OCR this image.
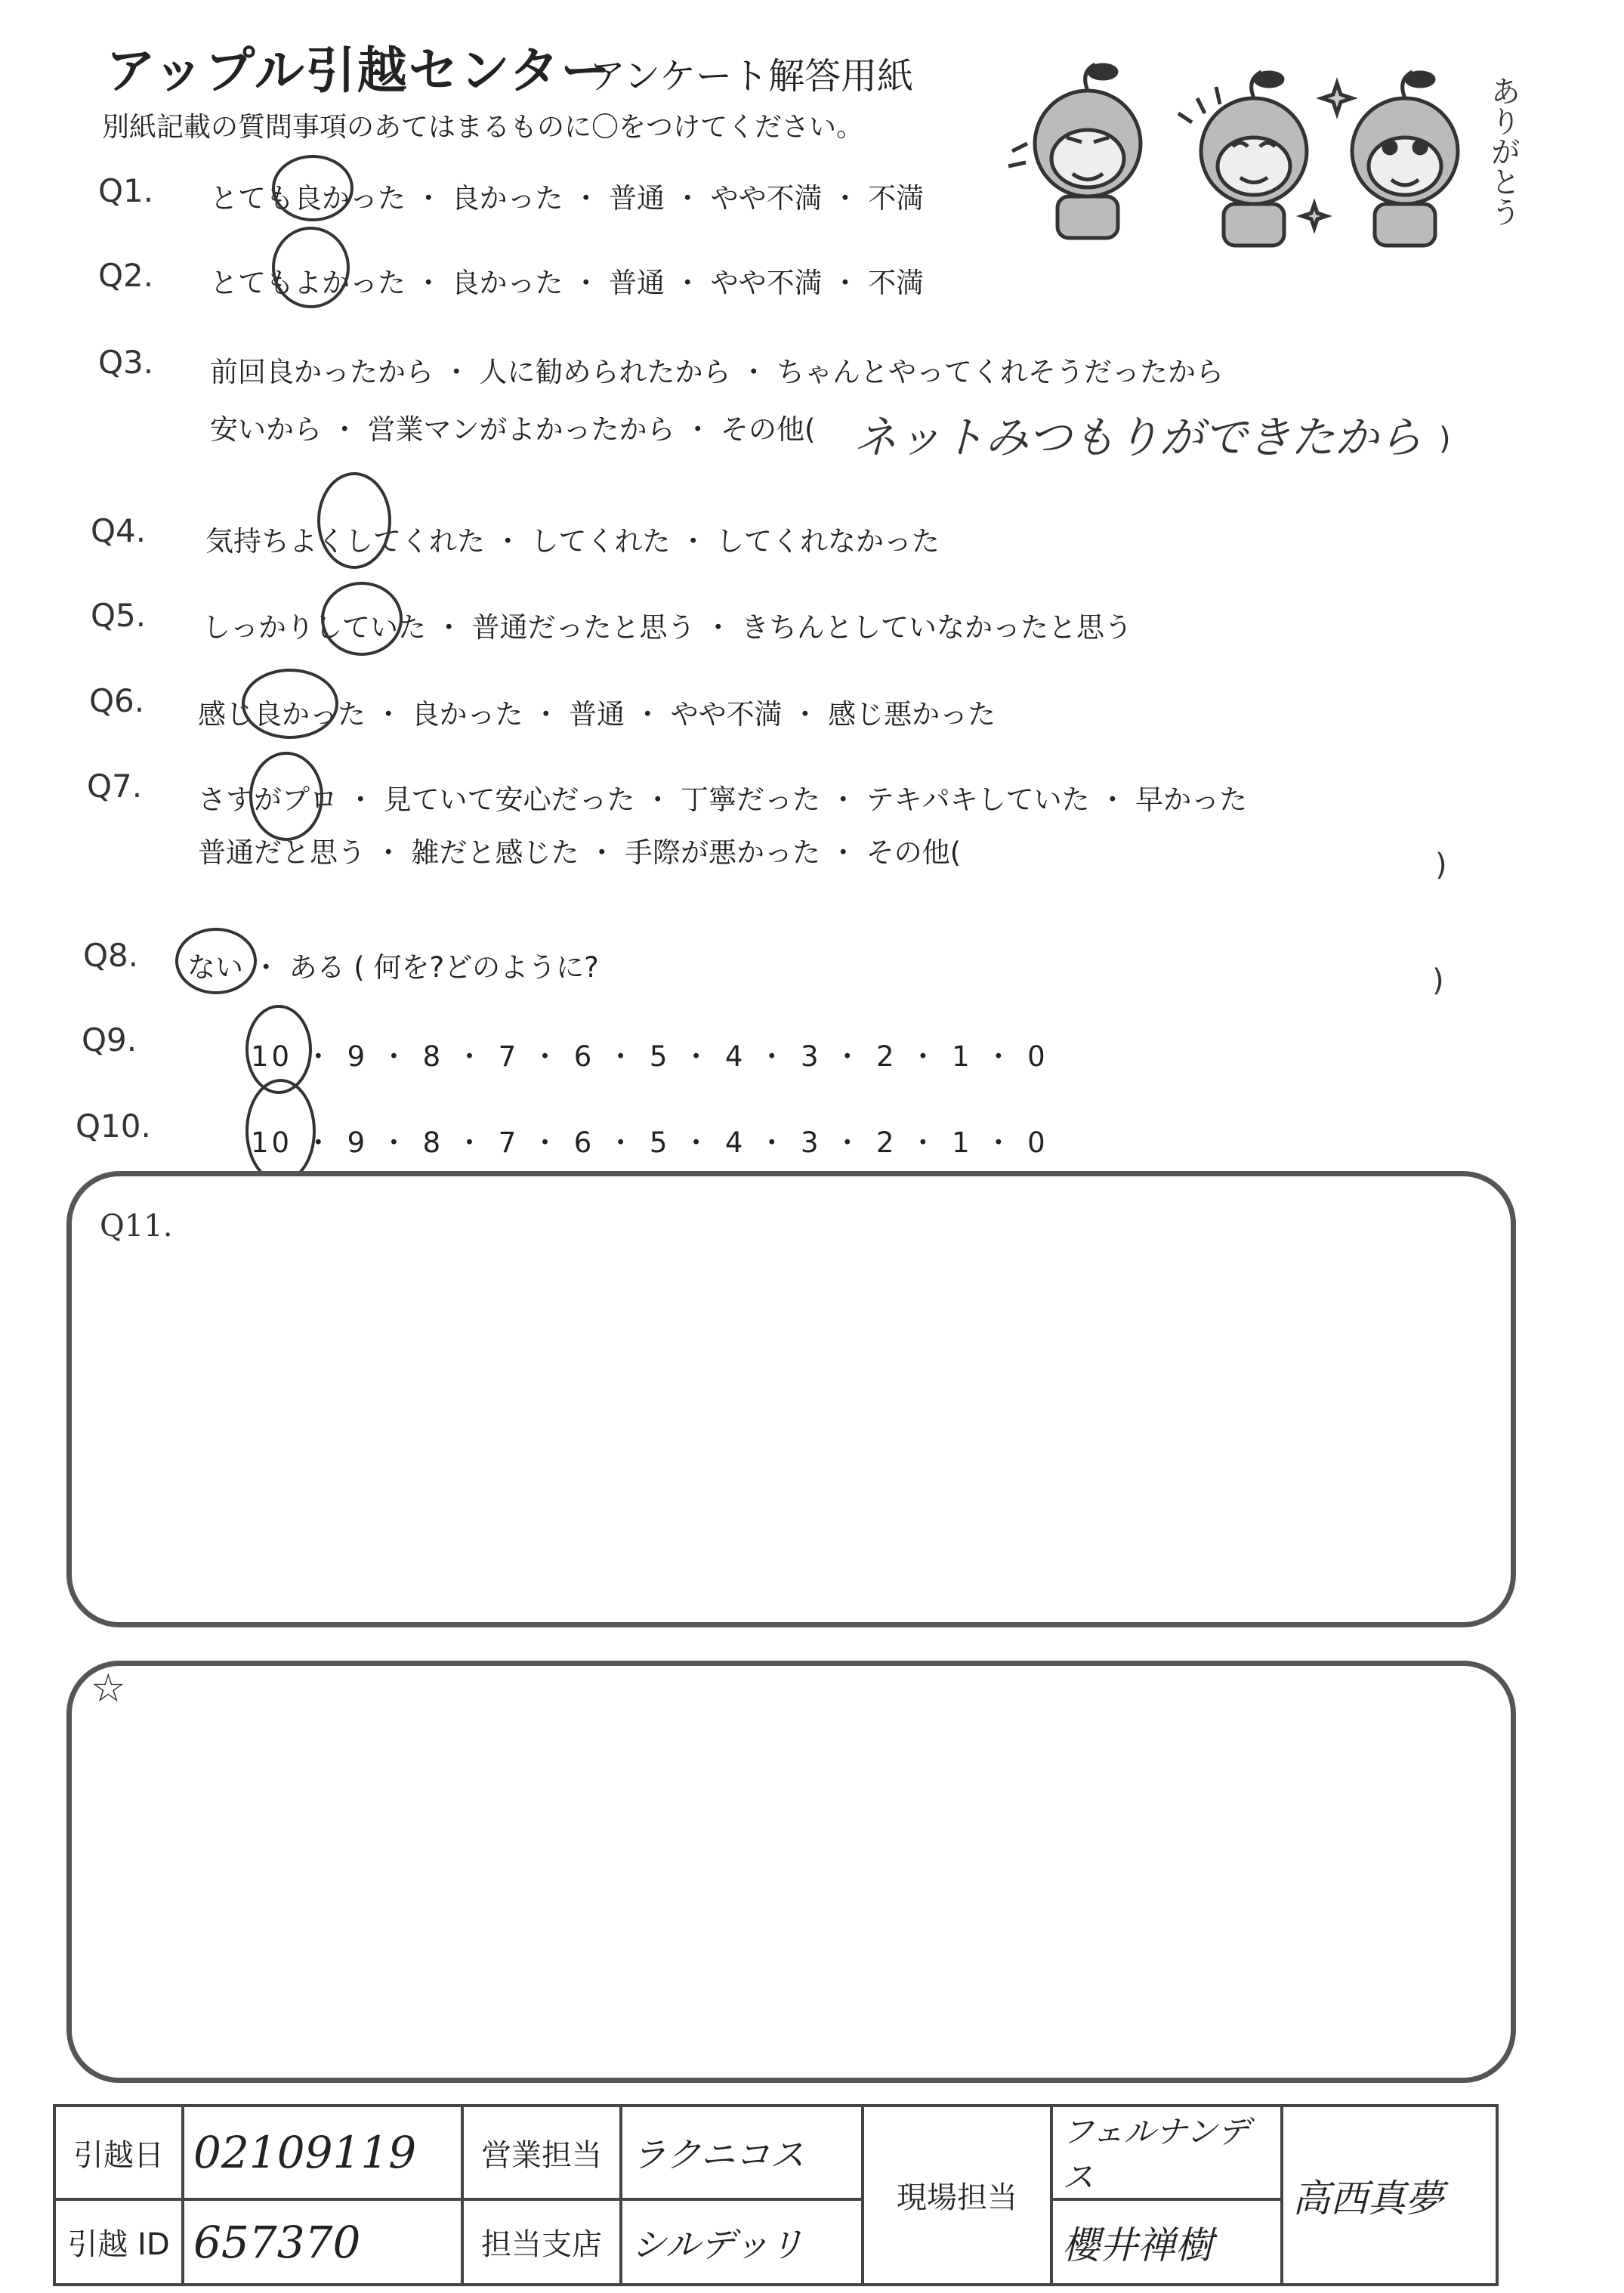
アップル引越センター
アンケート解答用紙
別紙記載の質問事項のあてはまるものに〇をつけてください。	ありがとう
Q1. とても良かった ・ 良かった ・ 普通 ・ やや不満 ・ 不満
Q2. とてもよかった ・ 良かった ・ 普通 ・ やや不満 ・ 不満
Q3. 前回良かったから ・ 人に勧められたから ・ ちゃんとやってくれそうだったから
安いから ・ 営業マンがよかったから ・ その他( ネットみつもりができたから )
Q4. 気持ちよくしてくれた ・ してくれた ・ してくれなかった
Q5. しっかりしていた ・ 普通だったと思う ・ きちんとしていなかったと思う
Q6. 感じ良かった ・ 良かった ・ 普通 ・ やや不満 ・ 感じ悪かった
Q7. さすがプロ ・ 見ていて安心だった ・ 丁寧だった ・ テキパキしていた ・ 早かった
普通だと思う ・ 雑だと感じた ・ 手際が悪かった ・ その他(	)
Q8. ない ・ ある ( 何を?どのように?	)
Q9.	10 ・ 9 ・ 8 ・ 7 ・ 6 ・ 5 ・ 4 ・ 3 ・ 2 ・ 1 ・ 0
Q10.	10 ・ 9 ・ 8 ・ 7 ・ 6 ・ 5 ・ 4 ・ 3 ・ 2 ・ 1 ・ 0
Q11.
☆
引越日	02109119	営業担当	ラクニコス	現場担当	フェルナンデス	高西真夢
引越 ID	657370	担当支店	シルデッリ		櫻井禅樹	
